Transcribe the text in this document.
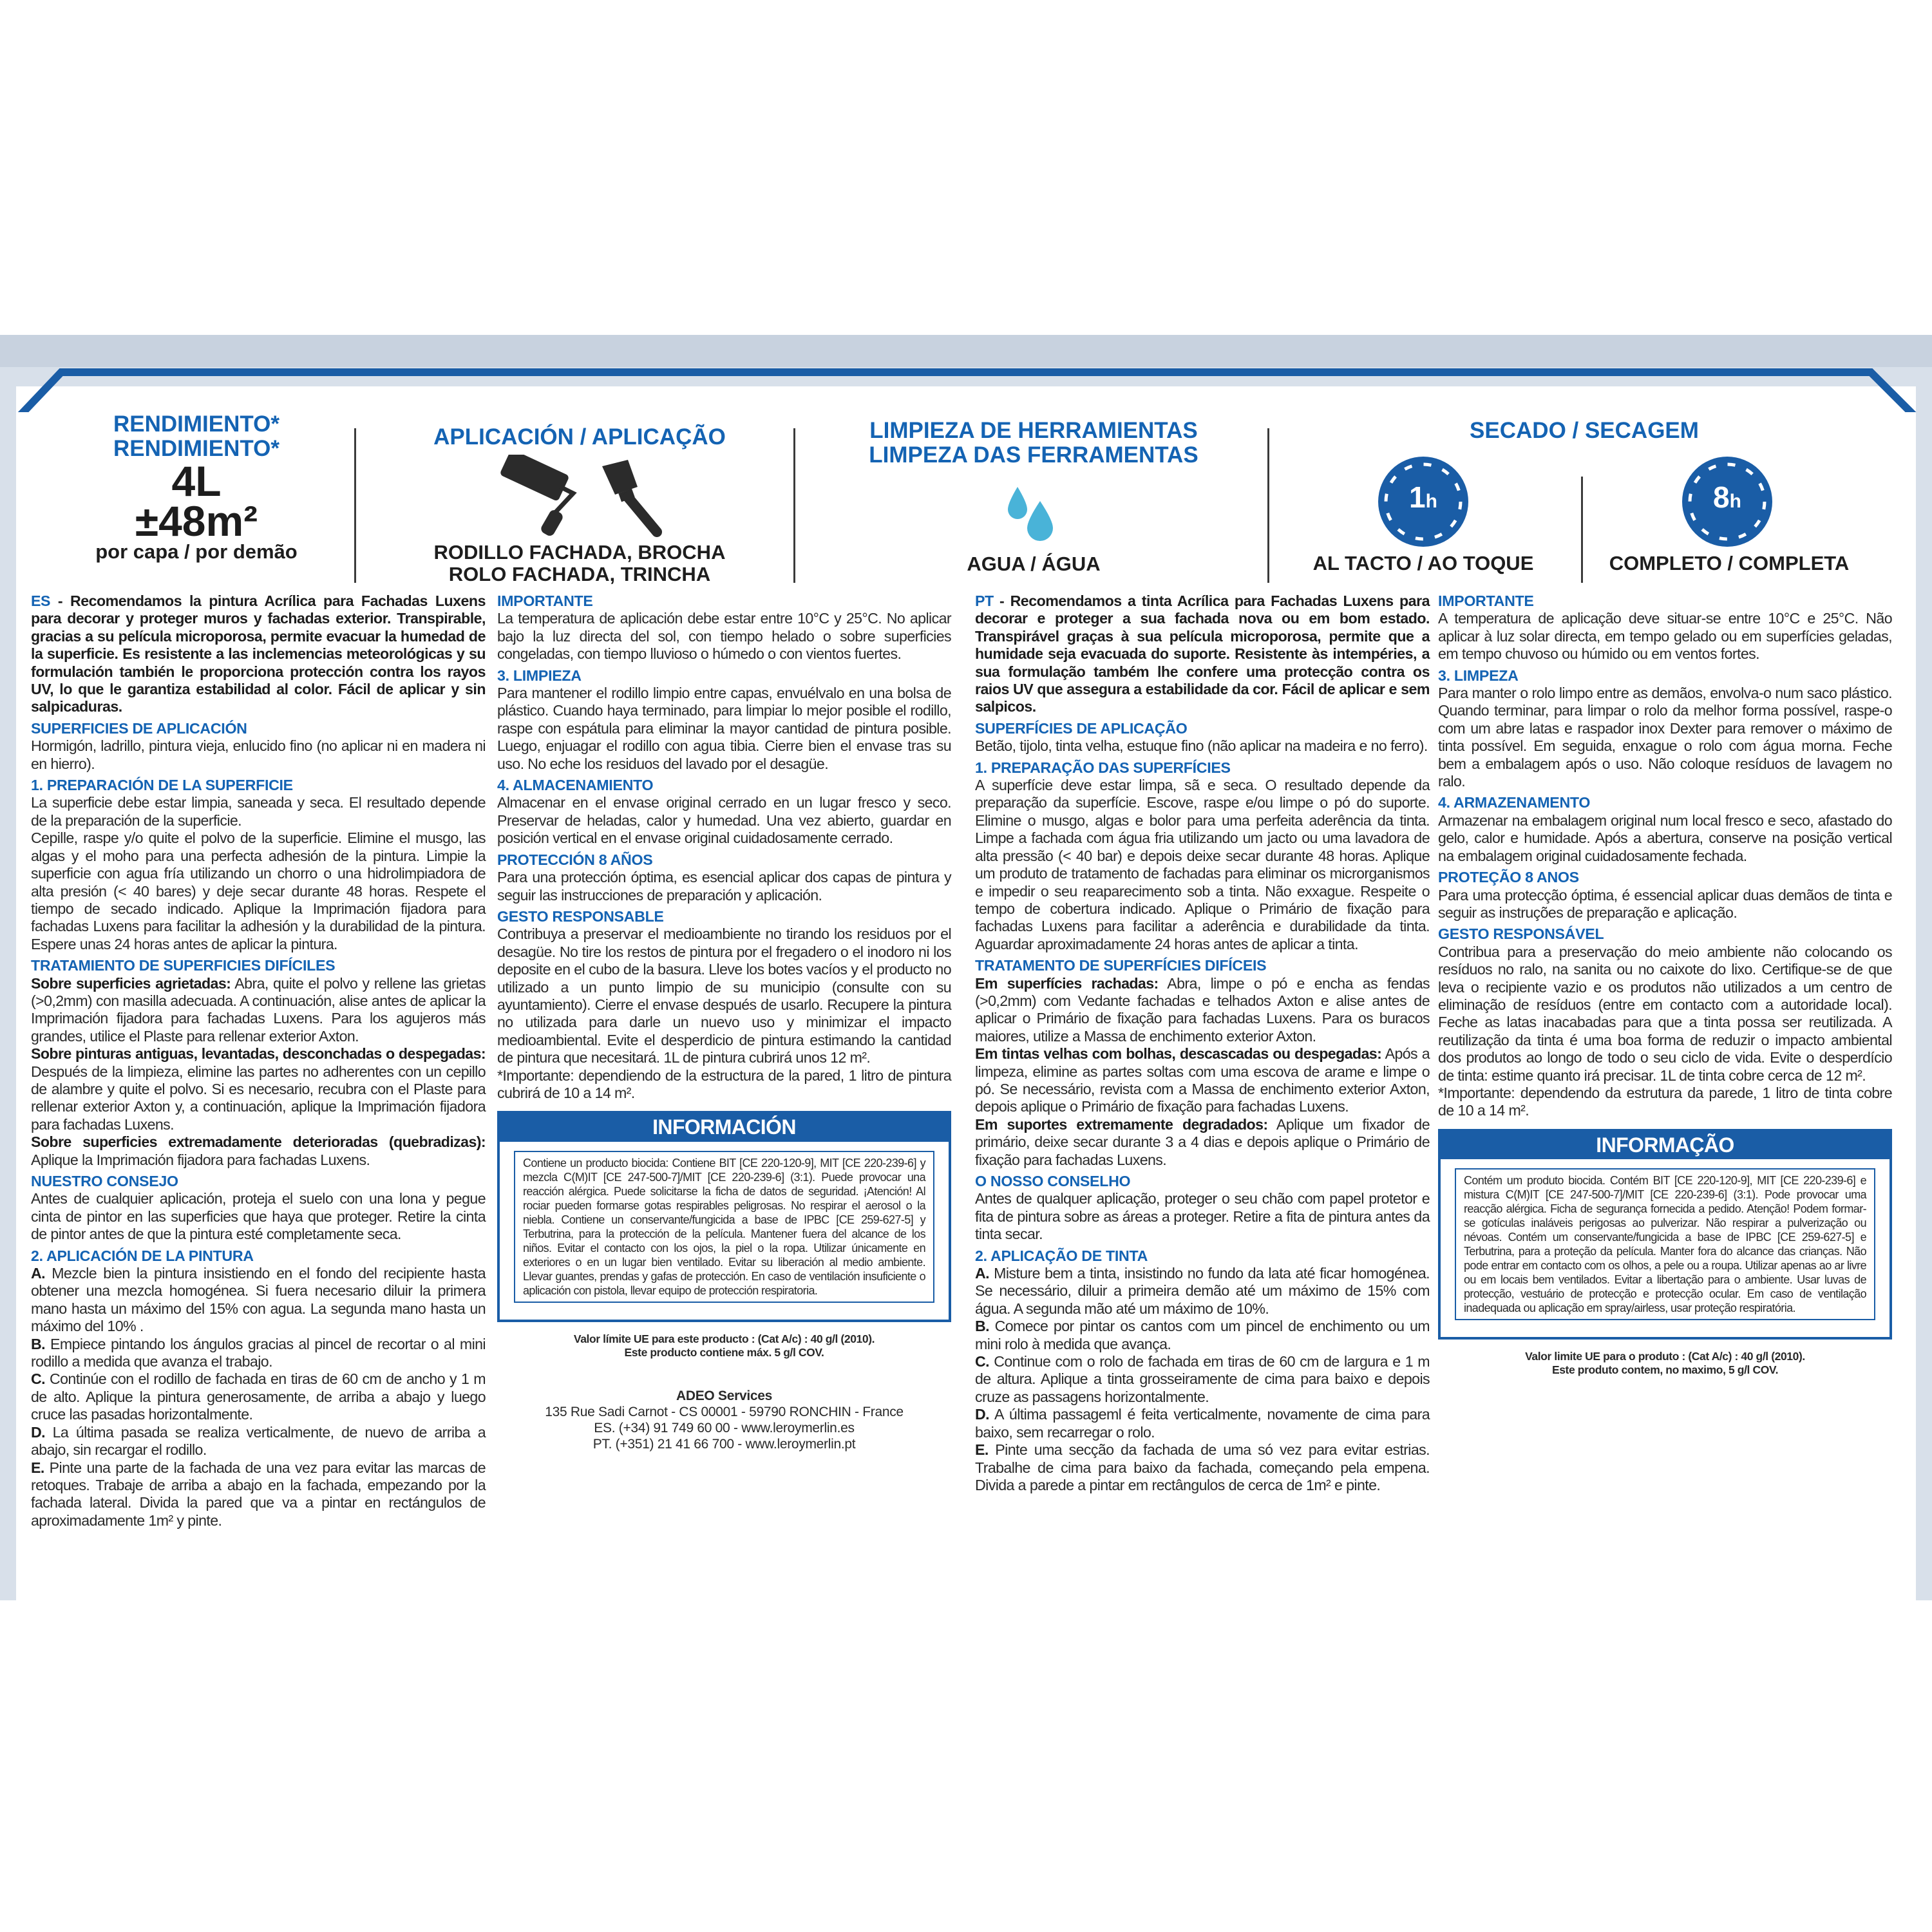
RENDIMIENTO*
RENDIMIENTO*
4L
±48m²
por capa / por demão
APLICACIÓN / APLICAÇÃO
RODILLO FACHADA, BROCHA
ROLO FACHADA, TRINCHA
LIMPIEZA DE HERRAMIENTAS
LIMPEZA DAS FERRAMENTAS
AGUA / ÁGUA
SECADO / SECAGEM
1h
AL TACTO / AO TOQUE
8h
COMPLETO / COMPLETA

ES - Recomendamos la pintura Acrílica para Fachadas Luxens para decorar y proteger muros y fachadas exterior. Transpirable, gracias a su película microporosa, permite evacuar la humedad de la superficie. Es resistente a las inclemencias meteorológicas y su formulación también le proporciona protección contra los rayos UV, lo que le garantiza estabilidad al color. Fácil de aplicar y sin salpicaduras.

SUPERFICIES DE APLICACIÓN

Hormigón, ladrillo, pintura vieja, enlucido fino (no aplicar ni en madera ni en hierro).

1. PREPARACIÓN DE LA SUPERFICIE

La superficie debe estar limpia, saneada y seca. El resultado depende de la preparación de la superficie.

Cepille, raspe y/o quite el polvo de la superficie. Elimine el musgo, las algas y el moho para una perfecta adhesión de la pintura. Limpie la superficie con agua fría utilizando un chorro o una hidrolimpiadora de alta presión (< 40 bares) y deje secar durante 48 horas. Respete el tiempo de secado indicado. Aplique la Imprimación fijadora para fachadas Luxens para facilitar la adhesión y la durabilidad de la pintura. Espere unas 24 horas antes de aplicar la pintura.

TRATAMIENTO DE SUPERFICIES DIFÍCILES

Sobre superficies agrietadas: Abra, quite el polvo y rellene las grietas (>0,2mm) con masilla adecuada. A continuación, alise antes de aplicar la Imprimación fijadora para fachadas Luxens. Para los agujeros más grandes, utilice el Plaste para rellenar exterior Axton.

Sobre pinturas antiguas, levantadas, desconchadas o despegadas: Después de la limpieza, elimine las partes no adherentes con un cepillo de alambre y quite el polvo. Si es necesario, recubra con el Plaste para rellenar exterior Axton y, a continuación, aplique la Imprimación fijadora para fachadas Luxens.

Sobre superficies extremadamente deterioradas (quebradizas): Aplique la Imprimación fijadora para fachadas Luxens.

NUESTRO CONSEJO

Antes de cualquier aplicación, proteja el suelo con una lona y pegue cinta de pintor en las superficies que haya que proteger. Retire la cinta de pintor antes de que la pintura esté completamente seca.

2. APLICACIÓN DE LA PINTURA

A. Mezcle bien la pintura insistiendo en el fondo del recipiente hasta obtener una mezcla homogénea. Si fuera necesario diluir la primera mano hasta un máximo del 15% con agua. La segunda mano hasta un máximo del 10% .

B. Empiece pintando los ángulos gracias al pincel de recortar o al mini rodillo a medida que avanza el trabajo.

C. Continúe con el rodillo de fachada en tiras de 60 cm de ancho y 1 m de alto. Aplique la pintura generosamente, de arriba a abajo y luego cruce las pasadas horizontalmente.

D. La última pasada se realiza verticalmente, de nuevo de arriba a abajo, sin recargar el rodillo.

E. Pinte una parte de la fachada de una vez para evitar las marcas de retoques. Trabaje de arriba a abajo en la fachada, empezando por la fachada lateral. Divida la pared que va a pintar en rectángulos de aproximadamente 1m² y pinte.

IMPORTANTE

La temperatura de aplicación debe estar entre 10°C y 25°C. No aplicar bajo la luz directa del sol, con tiempo helado o sobre superficies congeladas, con tiempo lluvioso o húmedo o con vientos fuertes.

3. LIMPIEZA

Para mantener el rodillo limpio entre capas, envuélvalo en una bolsa de plástico. Cuando haya terminado, para limpiar lo mejor posible el rodillo, raspe con espátula para eliminar la mayor cantidad de pintura posible. Luego, enjuagar el rodillo con agua tibia. Cierre bien el envase tras su uso. No eche los residuos del lavado por el desagüe.

4. ALMACENAMIENTO

Almacenar en el envase original cerrado en un lugar fresco y seco. Preservar de heladas, calor y humedad. Una vez abierto, guardar en posición vertical en el envase original cuidadosamente cerrado.

PROTECCIÓN 8 AÑOS

Para una protección óptima, es esencial aplicar dos capas de pintura y seguir las instrucciones de preparación y aplicación.

GESTO RESPONSABLE

Contribuya a preservar el medioambiente no tirando los residuos por el desagüe. No tire los restos de pintura por el fregadero o el inodoro ni los deposite en el cubo de la basura. Lleve los botes vacíos y el producto no utilizado a un punto limpio de su municipio (consulte con su ayuntamiento). Cierre el envase después de usarlo. Recupere la pintura no utilizada para darle un nuevo uso y minimizar el impacto medioambiental. Evite el desperdicio de pintura estimando la cantidad de pintura que necesitará. 1L de pintura cubrirá unos 12 m².

*Importante: dependiendo de la estructura de la pared, 1 litro de pintura cubrirá de 10 a 14 m².

INFORMACIÓN
Contiene un producto biocida: Contiene BIT [CE 220-120-9], MIT [CE 220-239-6] y mezcla C(M)IT [CE 247-500-7]/MIT [CE 220-239-6] (3:1). Puede provocar una reacción alérgica. Puede solicitarse la ficha de datos de seguridad. ¡Atención! Al rociar pueden formarse gotas respirables peligrosas. No respirar el aerosol o la niebla. Contiene un conservante/fungicida a base de IPBC [CE 259-627-5] y Terbutrina, para la protección de la película. Mantener fuera del alcance de los niños. Evitar el contacto con los ojos, la piel o la ropa. Utilizar únicamente en exteriores o en un lugar bien ventilado. Evitar su liberación al medio ambiente. Llevar guantes, prendas y gafas de protección. En caso de ventilación insuficiente o aplicación con pistola, llevar equipo de protección respiratoria.
Valor límite UE para este producto : (Cat A/c) : 40 g/l (2010).
Este producto contiene máx. 5 g/l COV.
ADEO Services
135 Rue Sadi Carnot - CS 00001 - 59790 RONCHIN - France
ES. (+34) 91 749 60 00 - www.leroymerlin.es
PT. (+351) 21 41 66 700 - www.leroymerlin.pt

PT - Recomendamos a tinta Acrílica para Fachadas Luxens para decorar e proteger a sua fachada nova ou em bom estado. Transpirável graças à sua película microporosa, permite que a humidade seja evacuada do suporte. Resistente às intempéries, a sua formulação também lhe confere uma protecção contra os raios UV que assegura a estabilidade da cor. Fácil de aplicar e sem salpicos.

SUPERFÍCIES DE APLICAÇÃO

Betão, tijolo, tinta velha, estuque fino (não aplicar na madeira e no ferro).

1. PREPARAÇÃO DAS SUPERFÍCIES

A superfície deve estar limpa, sã e seca. O resultado depende da preparação da superfície. Escove, raspe e/ou limpe o pó do suporte. Elimine o musgo, algas e bolor para uma perfeita aderência da tinta. Limpe a fachada com água fria utilizando um jacto ou uma lavadora de alta pressão (< 40 bar) e depois deixe secar durante 48 horas. Aplique um produto de tratamento de fachadas para eliminar os microrganismos e impedir o seu reaparecimento sob a tinta. Não exxague. Respeite o tempo de cobertura indicado. Aplique o Primário de fixação para fachadas Luxens para facilitar a aderência e durabilidade da tinta. Aguardar aproximadamente 24 horas antes de aplicar a tinta.

TRATAMENTO DE SUPERFÍCIES DIFÍCEIS

Em superfícies rachadas: Abra, limpe o pó e encha as fendas (>0,2mm) com Vedante fachadas e telhados Axton e alise antes de aplicar o Primário de fixação para fachadas Luxens. Para os buracos maiores, utilize a Massa de enchimento exterior Axton.

Em tintas velhas com bolhas, descascadas ou despegadas: Após a limpeza, elimine as partes soltas com uma escova de arame e limpe o pó. Se necessário, revista com a Massa de enchimento exterior Axton, depois aplique o Primário de fixação para fachadas Luxens.

Em suportes extremamente degradados: Aplique um fixador de primário, deixe secar durante 3 a 4 dias e depois aplique o Primário de fixação para fachadas Luxens.

O NOSSO CONSELHO

Antes de qualquer aplicação, proteger o seu chão com papel protetor e fita de pintura sobre as áreas a proteger. Retire a fita de pintura antes da tinta secar.

2. APLICAÇÃO DE TINTA

A. Misture bem a tinta, insistindo no fundo da lata até ficar homogénea. Se necessário, diluir a primeira demão até um máximo de 15% com água. A segunda mão até um máximo de 10%.

B. Comece por pintar os cantos com um pincel de enchimento ou um mini rolo à medida que avança.

C. Continue com o rolo de fachada em tiras de 60 cm de largura e 1 m de altura. Aplique a tinta grosseiramente de cima para baixo e depois cruze as passagens horizontalmente.

D. A última passageml é feita verticalmente, novamente de cima para baixo, sem recarregar o rolo.

E. Pinte uma secção da fachada de uma só vez para evitar estrias. Trabalhe de cima para baixo da fachada, começando pela empena. Divida a parede a pintar em rectângulos de cerca de 1m² e pinte.

IMPORTANTE

A temperatura de aplicação deve situar-se entre 10°C e 25°C. Não aplicar à luz solar directa, em tempo gelado ou em superfícies geladas, em tempo chuvoso ou húmido ou em ventos fortes.

3. LIMPEZA

Para manter o rolo limpo entre as demãos, envolva-o num saco plástico. Quando terminar, para limpar o rolo da melhor forma possível, raspe-o com um abre latas e raspador inox Dexter para remover o máximo de tinta possível. Em seguida, enxague o rolo com água morna. Feche bem a embalagem após o uso. Não coloque resíduos de lavagem no ralo.

4. ARMAZENAMENTO

Armazenar na embalagem original num local fresco e seco, afastado do gelo, calor e humidade. Após a abertura, conserve na posição vertical na embalagem original cuidadosamente fechada.

PROTEÇÃO 8 ANOS

Para uma protecção óptima, é essencial aplicar duas demãos de tinta e seguir as instruções de preparação e aplicação.

GESTO RESPONSÁVEL

Contribua para a preservação do meio ambiente não colocando os resíduos no ralo, na sanita ou no caixote do lixo. Certifique-se de que leva o recipiente vazio e os produtos não utilizados a um centro de eliminação de resíduos (entre em contacto com a autoridade local). Feche as latas inacabadas para que a tinta possa ser reutilizada. A reutilização da tinta é uma boa forma de reduzir o impacto ambiental dos produtos ao longo de todo o seu ciclo de vida. Evite o desperdício de tinta: estime quanto irá precisar. 1L de tinta cobre cerca de 12 m².

*Importante: dependendo da estrutura da parede, 1 litro de tinta cobre de 10 a 14 m².

INFORMAÇÃO
Contém um produto biocida. Contém BIT [CE 220-120-9], MIT [CE 220-239-6] e mistura C(M)IT [CE 247-500-7]/MIT [CE 220-239-6] (3:1). Pode provocar uma reacção alérgica. Ficha de segurança fornecida a pedido. Atenção! Podem formar-se gotículas inaláveis perigosas ao pulverizar. Não respirar a pulverização ou névoas. Contém um conservante/fungicida a base de IPBC [CE 259-627-5] e Terbutrina, para a proteção da película. Manter fora do alcance das crianças. Não pode entrar em contacto com os olhos, a pele ou a roupa. Utilizar apenas ao ar livre ou em locais bem ventilados. Evitar a libertação para o ambiente. Usar luvas de protecção, vestuário de protecção e protecção ocular. Em caso de ventilação inadequada ou aplicação em spray/airless, usar proteção respiratória.
Valor limite UE para o produto : (Cat A/c) : 40 g/l (2010).
Este produto contem, no maximo, 5 g/l COV.
